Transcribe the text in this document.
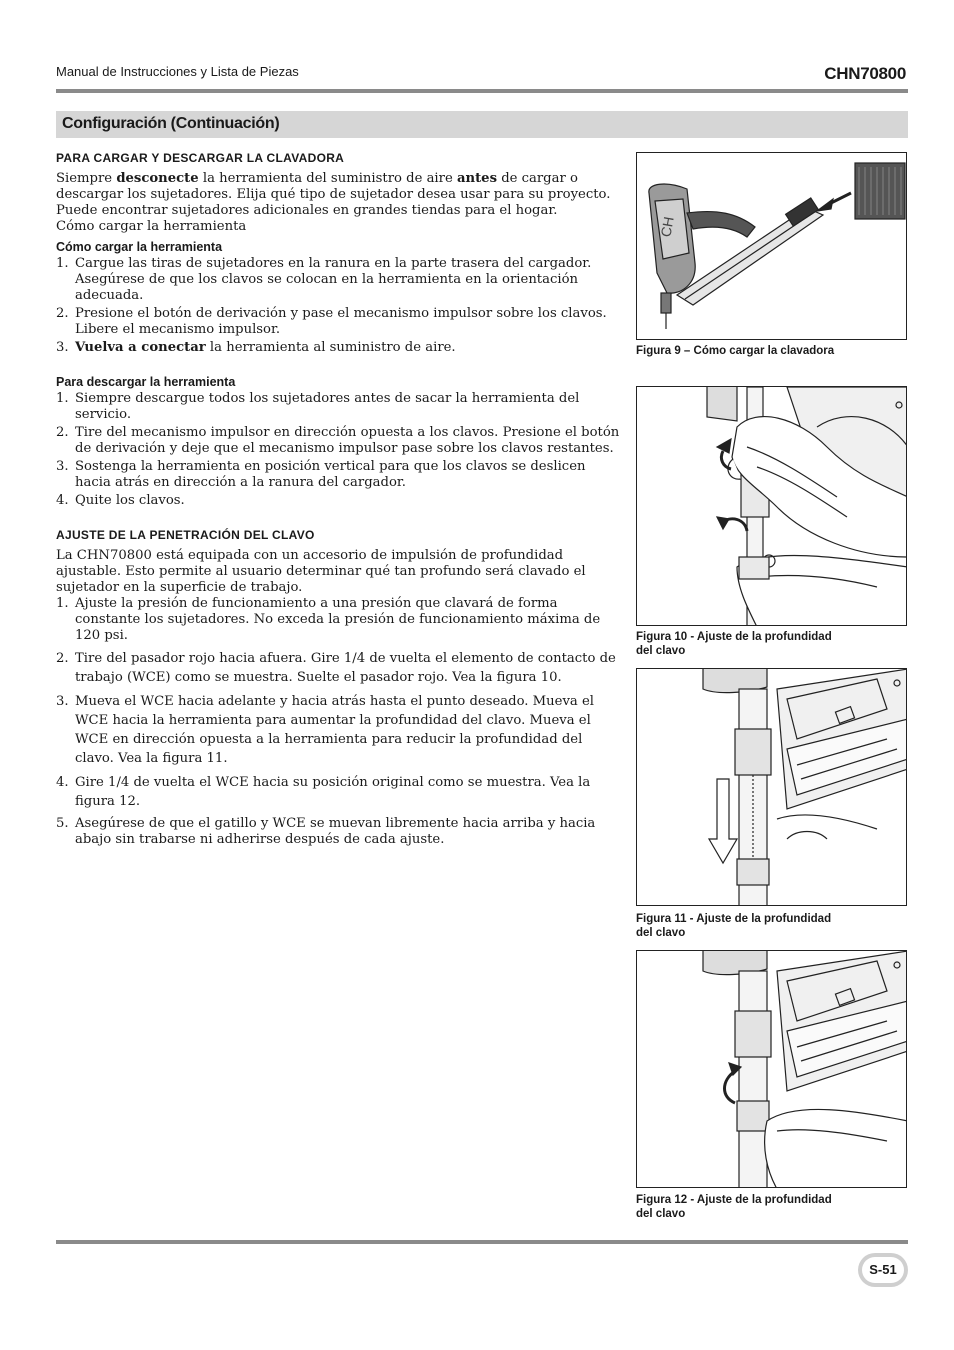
Manual de Instrucciones y Lista de Piezas	CHN70800
Configuración (Continuación)
PARA CARGAR Y DESCARGAR LA CLAVADORA

Siempre desconecte la herramienta del suministro de aire antes de cargar o descargar los sujetadores. Elija qué tipo de sujetador desea usar para su proyecto. Puede encontrar sujetadores adicionales en grandes tiendas para el hogar.

Cómo cargar la herramienta

Cómo cargar la herramienta
1. Cargue las tiras de sujetadores en la ranura en la parte trasera del cargador. Asegúrese de que los clavos se colocan en la herramienta en la orientación adecuada.
2. Presione el botón de derivación y pase el mecanismo impulsor sobre los clavos. Libere el mecanismo impulsor.
3. Vuelva a conectar la herramienta al suministro de aire.
Para descargar la herramienta
1. Siempre descargue todos los sujetadores antes de sacar la herramienta del servicio.
2. Tire del mecanismo impulsor en dirección opuesta a los clavos. Presione el botón de derivación y deje que el mecanismo impulsor pase sobre los clavos restantes.
3. Sostenga la herramienta en posición vertical para que los clavos se deslicen hacia atrás en dirección a la ranura del cargador.
4. Quite los clavos.
AJUSTE DE LA PENETRACIÓN DEL CLAVO

La CHN70800 está equipada con un accesorio de impulsión de profundidad ajustable. Esto permite al usuario determinar qué tan profundo será clavado el sujetador en la superficie de trabajo.

1. Ajuste la presión de funcionamiento a una presión que clavará de forma constante los sujetadores. No exceda la presión de funcionamiento máxima de 120 psi.
2. Tire del pasador rojo hacia afuera. Gire 1/4 de vuelta el elemento de contacto de trabajo (WCE) como se muestra. Suelte el pasador rojo. Vea la figura 10.
3. Mueva el WCE hacia adelante y hacia atrás hasta el punto deseado. Mueva el WCE hacia la herramienta para aumentar la profundidad del clavo. Mueva el WCE en dirección opuesta a la herramienta para reducir la profundidad del clavo. Vea la figura 11.
4. Gire 1/4 de vuelta el WCE hacia su posición original como se muestra. Vea la figura 12.
5. Asegúrese de que el gatillo y WCE se muevan libremente hacia arriba y hacia abajo sin trabarse ni adherirse después de cada ajuste.
CH
Figura 9 – Cómo cargar la clavadora
Figura 10 - Ajuste de la profundidad
del clavo
Figura 11 - Ajuste de la profundidad
del clavo
Figura 12 - Ajuste de la profundidad
del clavo
S-51
